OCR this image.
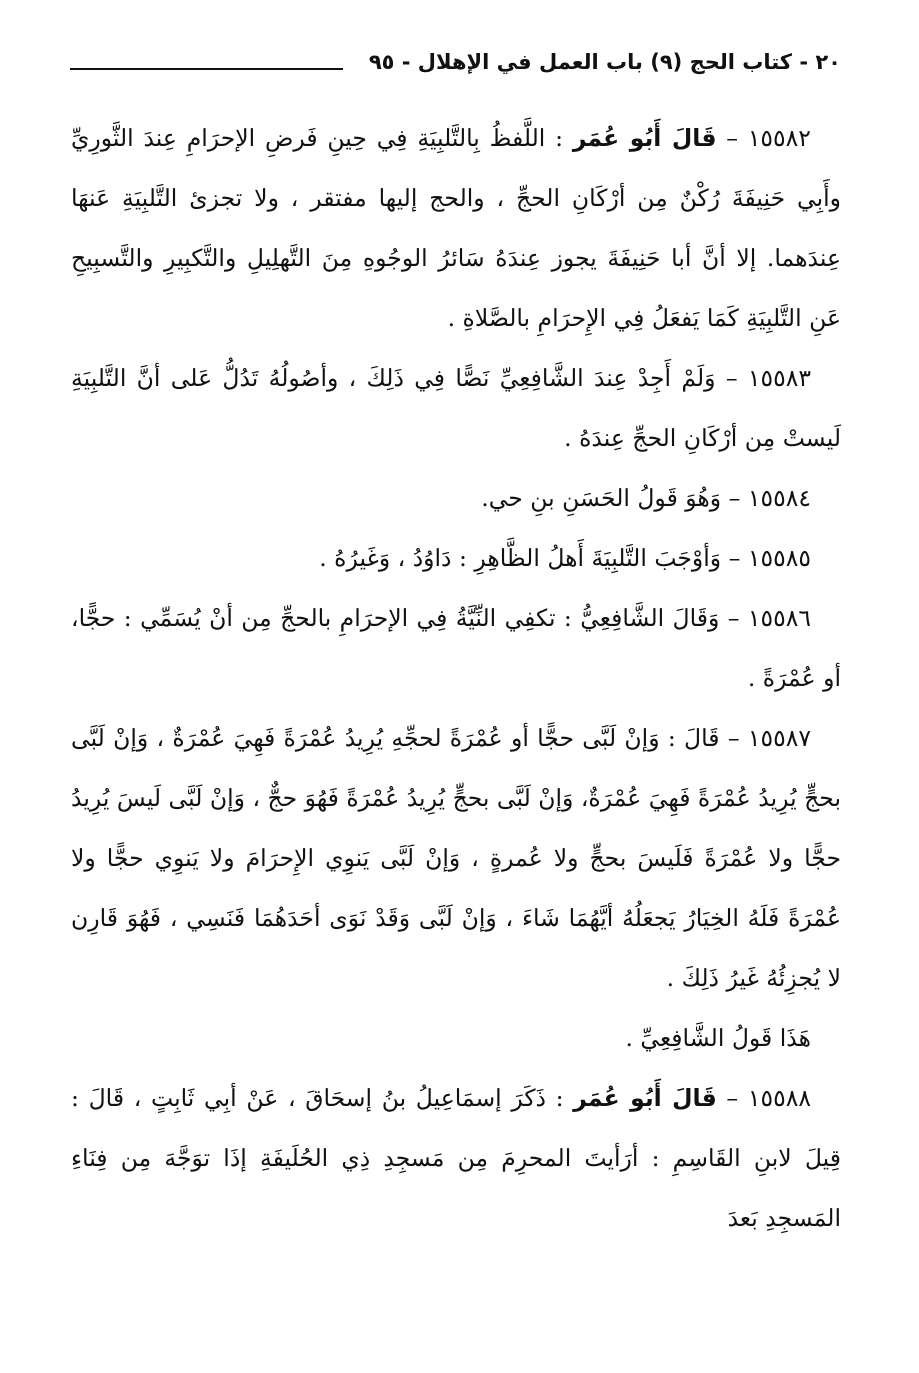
٢٠ - كتاب الحج (٩) باب العمل في الإهلال - ٩٥

١٥٥٨٢ – قَالَ أَبُو عُمَر : اللَّفظُ بِالتَّلبِيَةِ فِي حِينِ فَرضِ الإحرَامِ عِندَ الثَّورِيِّ وأَبِي حَنِيفَةَ رُكْنٌ مِن أرْكَانِ الحجِّ ، والحج إليها مفتقر ، ولا تجزئ التَّلبِيَةِ عَنهَا عِندَهما. إلا أنَّ أبا حَنِيفَةَ يجوز عِندَهُ سَائرُ الوجُوهِ مِنَ التَّهلِيلِ والتَّكبِيرِ والتَّسبِيحِ عَنِ التَّلبِيَةِ كَمَا يَفعَلُ فِي الإِحرَامِ بالصَّلاةِ .

١٥٥٨٣ – وَلَمْ أَجِدْ عِندَ الشَّافِعِيِّ نَصًّا فِي ذَلِكَ ، وأصُولُهُ تَدُلُّ عَلى أنَّ التَّلبِيَةِ لَيستْ مِن أرْكَانِ الحجِّ عِندَهُ .

١٥٥٨٤ – وَهُوَ قَولُ الحَسَنِ بنِ حي.

١٥٥٨٥ – وَأوْجَبَ التَّلبِيَةَ أَهلُ الظَّاهِرِ : دَاوُدُ ، وَغَيرُهُ .

١٥٥٨٦ – وَقَالَ الشَّافِعِيُّ : تكفِي النِّيَّةُ فِي الإحرَامِ بالحجِّ مِن أنْ يُسَمِّي : حجًّا، أو عُمْرَةً .

١٥٥٨٧ – قَالَ : وَإنْ لَبَّى حجًّا أو عُمْرَةً لحجِّهِ يُرِيدُ عُمْرَةً فَهِيَ عُمْرَةٌ ، وَإنْ لَبَّى بحجٍّ يُرِيدُ عُمْرَةً فَهِيَ عُمْرَةٌ، وَإنْ لَبَّى بحجٍّ يُرِيدُ عُمْرَةً فَهُوَ حجٌّ ، وَإنْ لَبَّى لَيسَ يُرِيدُ حجًّا ولا عُمْرَةً فَلَيسَ بحجٍّ ولا عُمرةٍ ، وَإنْ لَبَّى يَنوِي الإِحرَامَ ولا يَنوِي حجًّا ولا عُمْرَةً فَلَهُ الخِيَارُ يَجعَلُهُ أيَّهُمَا شَاءَ ، وَإنْ لَبَّى وَقَدْ نَوَى أحَدَهُمَا فَنَسِي ، فَهُوَ قَارِن لا يُجزِئُهُ غَيرُ ذَلِكَ .

هَذَا قَولُ الشَّافِعِيِّ .

١٥٥٨٨ – قَالَ أَبُو عُمَر : ذَكَرَ إسمَاعِيلُ بنُ إسحَاقَ ، عَنْ أبِي ثَابِتٍ ، قَالَ : قِيلَ لابنِ القَاسِمِ : أرَأيتَ المحرِمَ مِن مَسجِدِ ذِي الحُلَيفَةِ إذَا توَجَّهَ مِن فِنَاءِ المَسجِدِ بَعدَ
